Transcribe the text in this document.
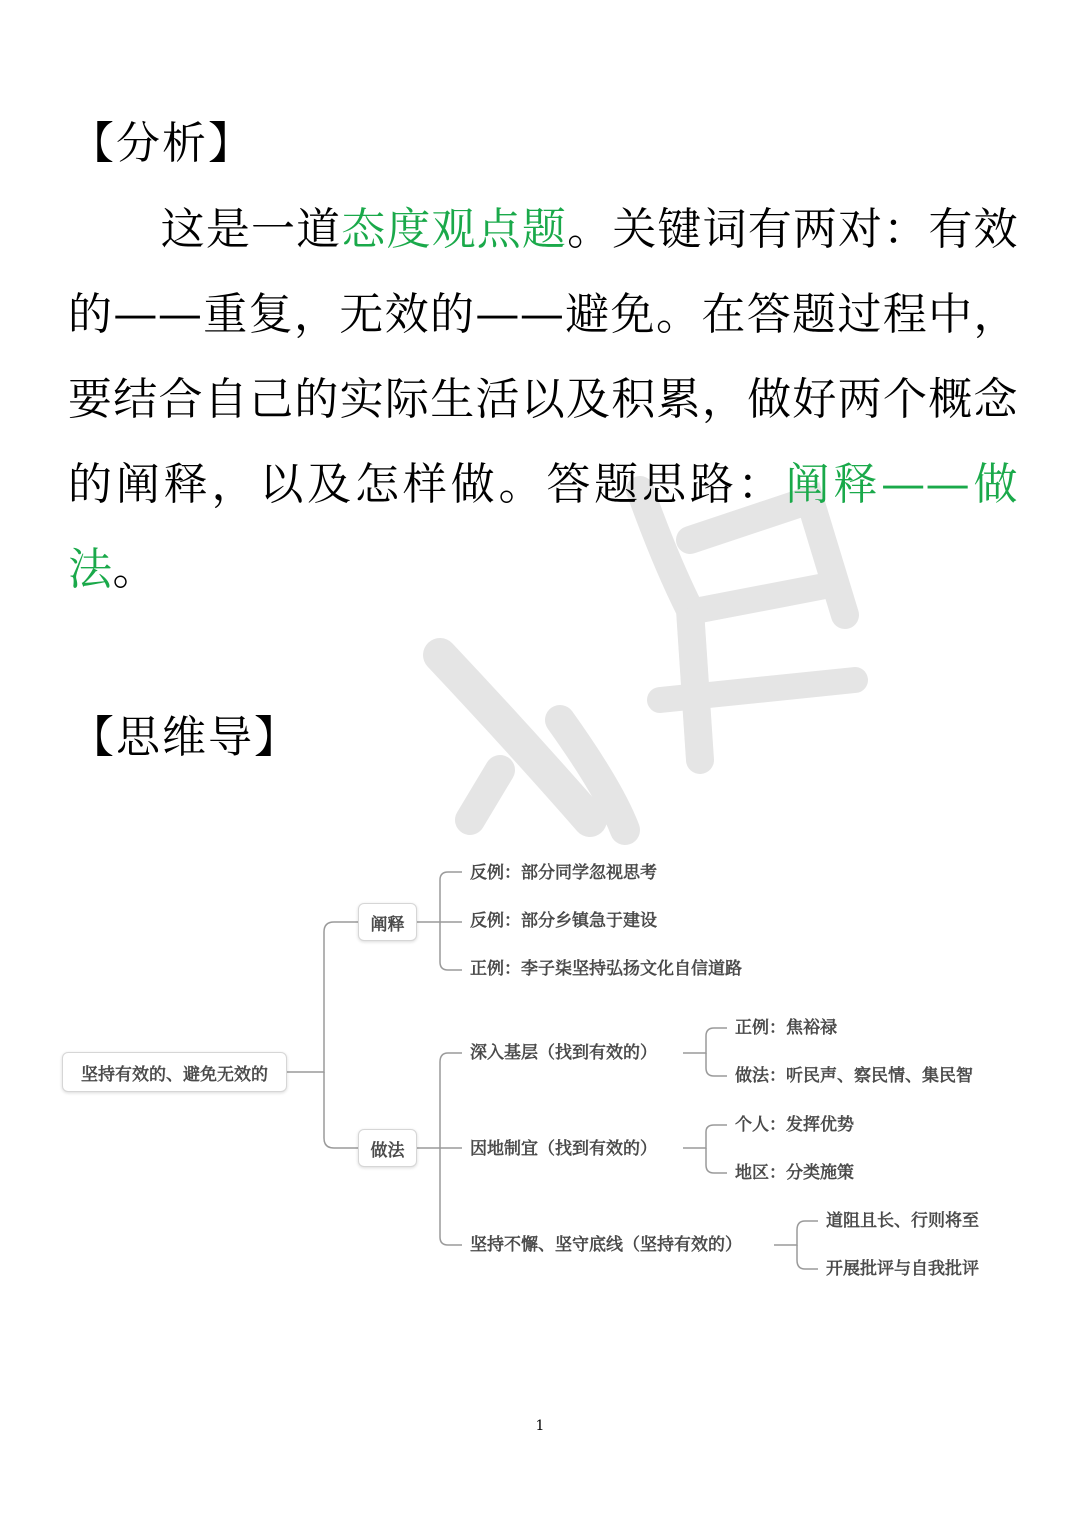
【分析】

这是一道态度观点题。关键词有两对：有效的——重复，无效的——避免。在答题过程中，要结合自己的实际生活以及积累，做好两个概念的阐释，以及怎样做。答题思路：阐释——做法。

【思维导】
坚持有效的、避免无效的
阐释
做法
反例：部分同学忽视思考
反例：部分乡镇急于建设
正例：李子柒坚持弘扬文化自信道路
深入基层（找到有效的）
因地制宜（找到有效的）
坚持不懈、坚守底线（坚持有效的）
正例：焦裕禄
做法：听民声、察民情、集民智
个人：发挥优势
地区：分类施策
道阻且长、行则将至
开展批评与自我批评
1
